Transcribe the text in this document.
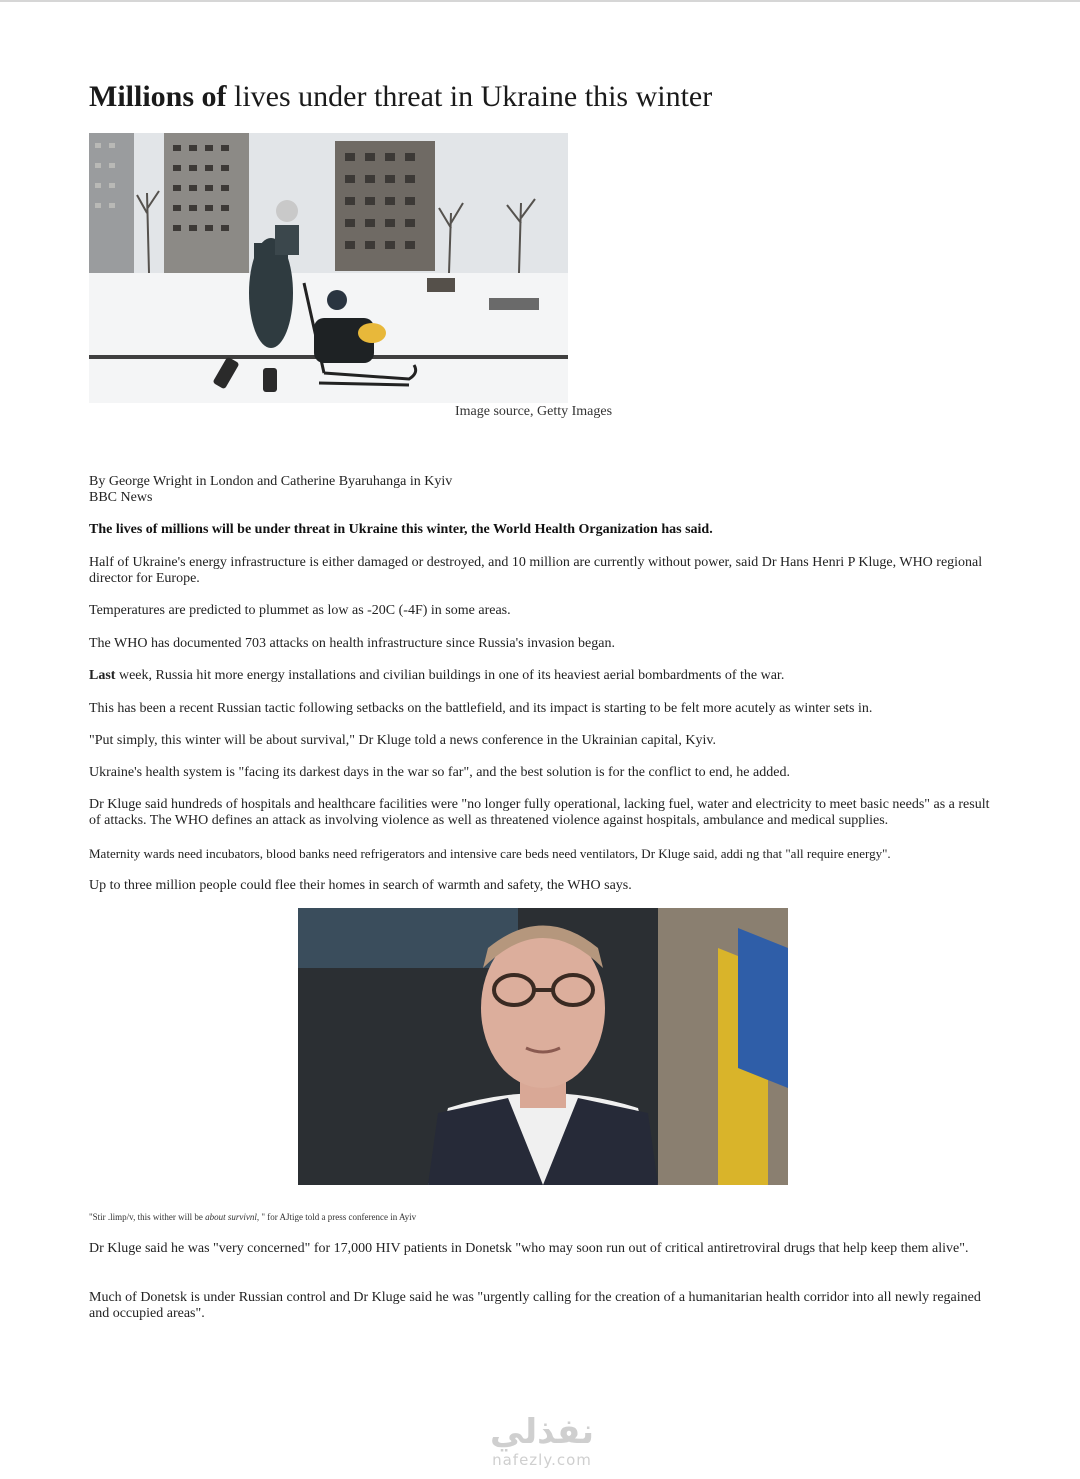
Millions of lives under threat in Ukraine this winter
Image source, Getty Images
By George Wright in London and Catherine Byaruhanga in Kyiv
BBC News

The lives of millions will be under threat in Ukraine this winter, the World Health Organization has said.

Half of Ukraine's energy infrastructure is either damaged or destroyed, and 10 million are currently without power, said Dr Hans Henri P Kluge, WHO regional director for Europe.

Temperatures are predicted to plummet as low as -20C (-4F) in some areas.

The WHO has documented 703 attacks on health infrastructure since Russia's invasion began.

Last week, Russia hit more energy installations and civilian buildings in one of its heaviest aerial bombardments of the war.

This has been a recent Russian tactic following setbacks on the battlefield, and its impact is starting to be felt more acutely as winter sets in.

"Put simply, this winter will be about survival," Dr Kluge told a news conference in the Ukrainian capital, Kyiv.

Ukraine's health system is "facing its darkest days in the war so far", and the best solution is for the conflict to end, he added.

Dr Kluge said hundreds of hospitals and healthcare facilities were "no longer fully operational, lacking fuel, water and electricity to meet basic needs" as a result of attacks. The WHO defines an attack as involving violence as well as threatened violence against hospitals, ambulance and medical supplies.

Maternity wards need incubators, blood banks need refrigerators and intensive care beds need ventilators, Dr Kluge said, addi ng that "all require energy".

Up to three million people could flee their homes in search of warmth and safety, the WHO says.

"Stir .limp/v, this wither will be about survivnl, " for AJtige told a press conference in Ayiv

Dr Kluge said he was "very concerned" for 17,000 HIV patients in Donetsk "who may soon run out of critical antiretroviral drugs that help keep them alive".

Much of Donetsk is under Russian control and Dr Kluge said he was "urgently calling for the creation of a humanitarian health corridor into all newly regained and occupied areas".

نفذلي
nafezly.com
